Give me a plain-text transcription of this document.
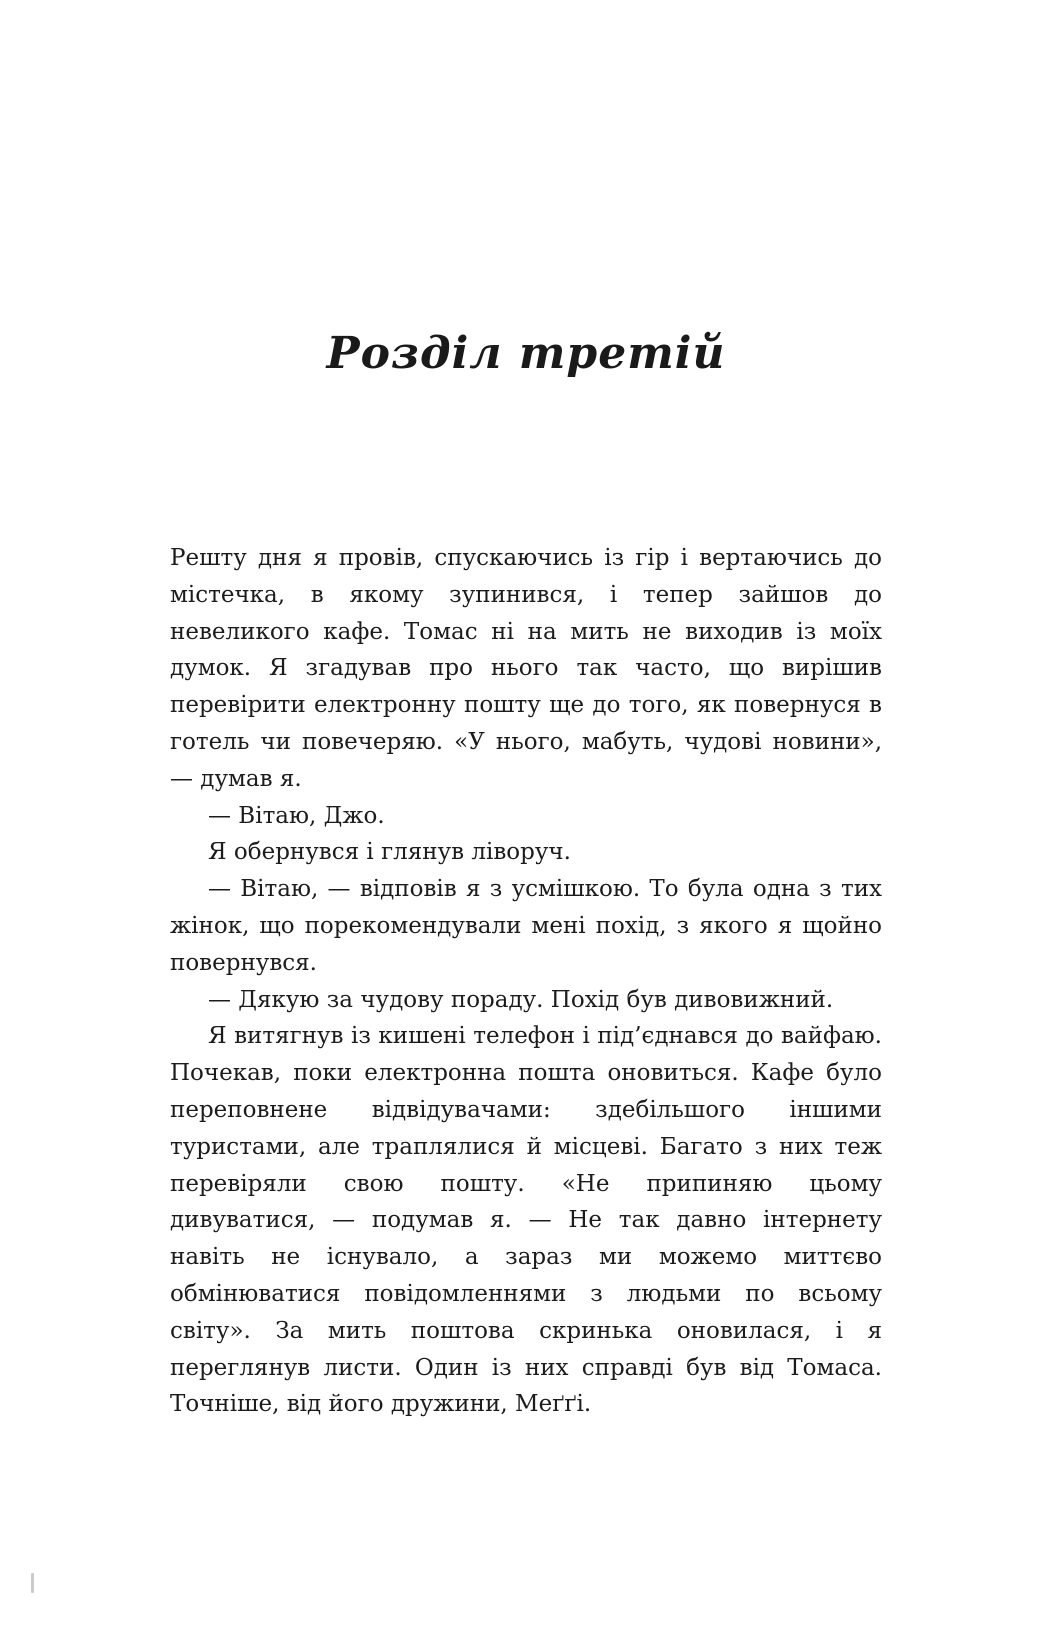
Розділ третій

Решту дня я провів, спускаючись із гір і вертаючись до містечка, в якому зупинився, і тепер зайшов до невеликого кафе. Томас ні на мить не виходив із моїх думок. Я згадував про нього так часто, що вирішив перевірити електронну пошту ще до того, як повернуся в готель чи повечеряю. «У нього, мабуть, чудові новини», — думав я.

— Вітаю, Джо.

Я обернувся і глянув ліворуч.

— Вітаю, — відповів я з усмішкою. То була одна з тих жінок, що порекомендували мені похід, з якого я щойно повернувся.

— Дякую за чудову пораду. Похід був дивовижний.

Я витягнув із кишені телефон і під’єднався до вайфаю. Почекав, поки електронна пошта оновиться. Кафе було переповнене відвідувачами: здебільшого іншими туристами, але траплялися й місцеві. Багато з них теж перевіряли свою пошту. «Не припиняю цьому дивуватися, — подумав я. — Не так давно інтернету навіть не існувало, а зараз ми можемо миттєво обмінюватися повідомленнями з людьми по всьому світу». За мить поштова скринька оновилася, і я переглянув листи. Один із них справді був від Томаса. Точніше, від його дружини, Меґґі.
